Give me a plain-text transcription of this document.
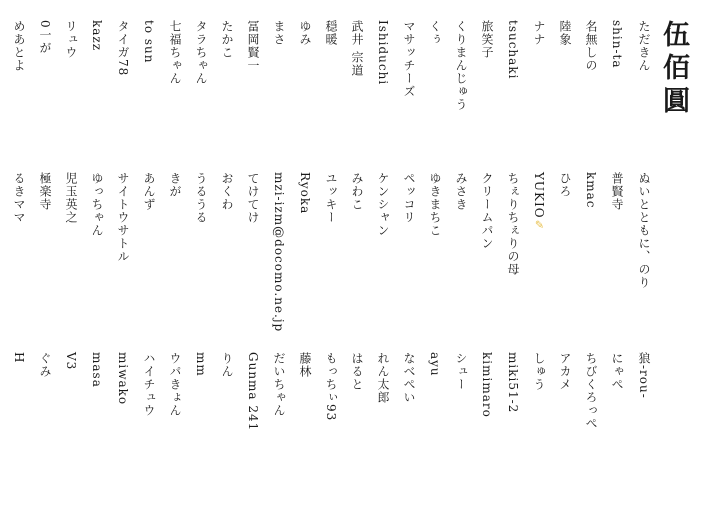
伍佰圓
ただきん
shin-ta
名無しの
陸象
ナナ
tsuchaki
旅笑子
くりまんじゅう
くぅ
マサッチーズ
Ishiduchi
武井 宗道
穏暖
ゆみ
まさ
冨岡賢一
たかこ
タラちゃん
七福ちゃん
to sun
タイガ78
kazz
リュウ
0一が
めあとよ
ぬいとともに、のり
普賢寺
kmac
ひろ
YUKIO✎
ちぇりちぇりの母
クリームパン
みさき
ゆきまちこ
ペッコリ
ケンシャン
みわこ
ユッキー
Ryoka
mzi-izm@docomo.ne.jp
てけてけ
おくわ
うるうる
きが
あんず
サイトウサトル
ゆっちゃん
児玉英之
極楽寺
るきママ
狼-rou-
にゃぺ
ちびくろっぺ
アカメ
しゅう
miki51-2
kimimaro
シュー
ayu
なべぺい
れん太郎
はると
もっちぃ93
藤林
だいちゃん
Gunma 241
りん
mm
ウパきょん
ハイチュウ
miwako
masa
V3
ぐみ
H
